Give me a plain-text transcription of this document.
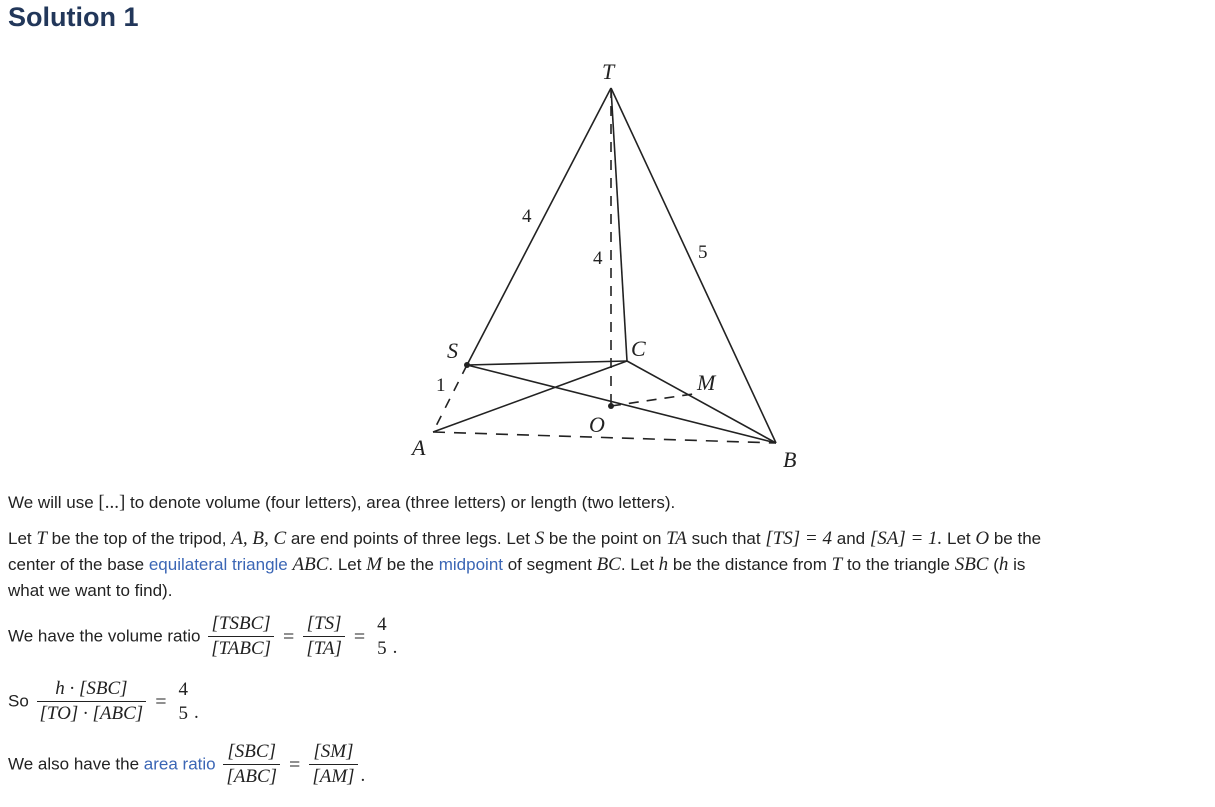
Solution 1
T
S	C
M
O
A	B
4
4	5
1

We will use [...] to denote volume (four letters), area (three letters) or length (two letters).

Let T be the top of the tripod, A, B, C are end points of three legs. Let S be the point on TA such that [TS] = 4 and [SA] = 1. Let O be the

center of the base equilateral triangle ABC. Let M be the midpoint of segment BC. Let h be the distance from T to the triangle SBC (h is

what we want to find).

We have the volume ratio $\frac{\text{[TSBC]}}{\text{[TABC]}} = \frac{[TS]}{[TA]}$ =
4
5 .

So $\frac{\text{h · [SBC]}}{\text{[TO] · [ABC]}}$ =
4
5 .

We also have the area ratio $\frac{\text{[SBC]}}{\text{[ABC]}} = \frac{[SM]}{[AM]}$ .
